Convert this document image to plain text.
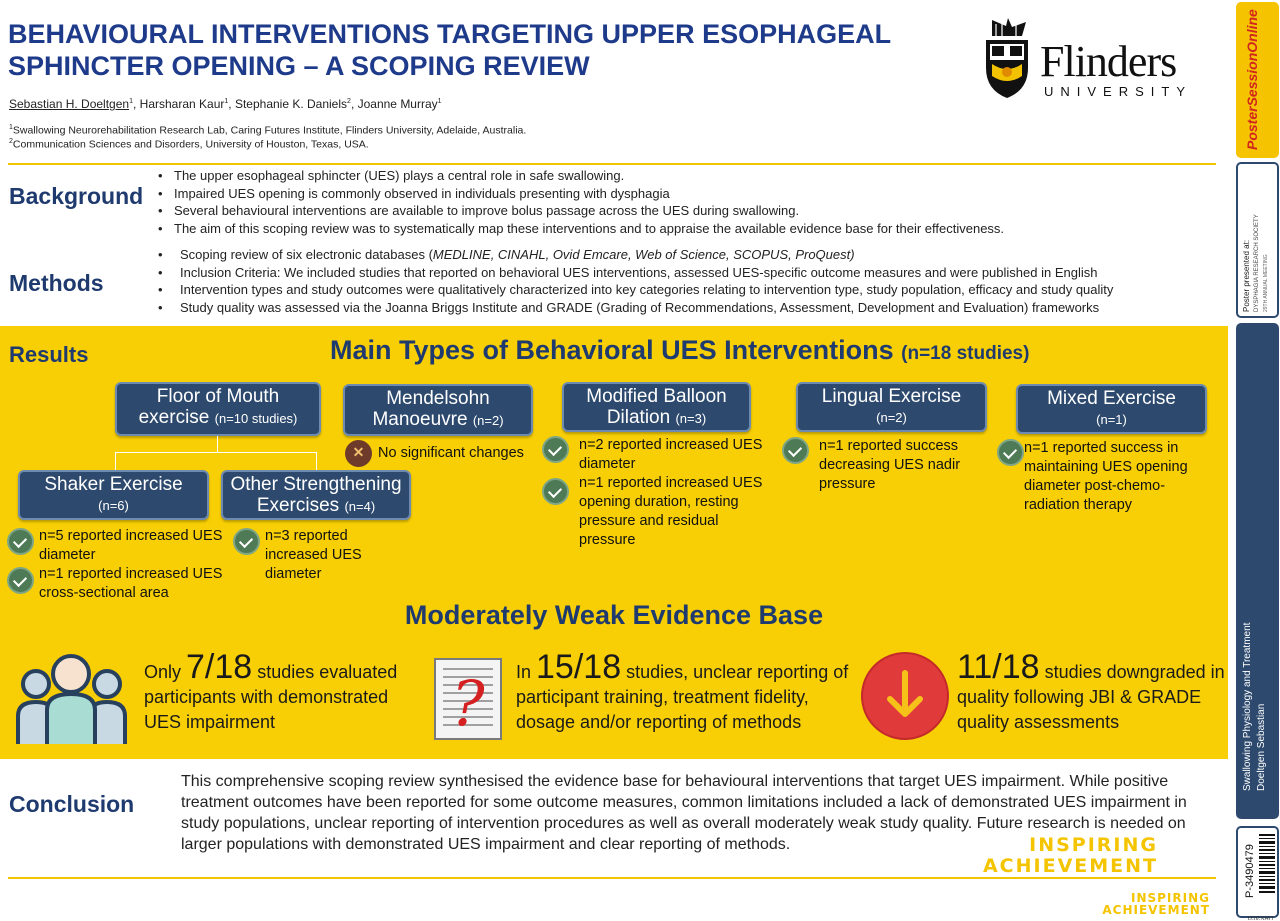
BEHAVIOURAL INTERVENTIONS TARGETING UPPER ESOPHAGEAL
SPHINCTER OPENING – A SCOPING REVIEW	Flinders
UNIVERSITY
Sebastian H. Doeltgen$^1$, Harsharan Kaur$^1$, Stephanie K. Daniels$^2$, Joanne Murray$^1$
$^1$Swallowing Neurorehabilitation Research Lab, Caring Futures Institute, Flinders University, Adelaide, Australia.
$^2$Communication Sciences and Disorders, University of Houston, Texas, USA.
Background
• The upper esophageal sphincter (UES) plays a central role in safe swallowing.
• Impaired UES opening is commonly observed in individuals presenting with dysphagia
• Several behavioural interventions are available to improve bolus passage across the UES during swallowing.
• The aim of this scoping review was to systematically map these interventions and to appraise the available evidence base for their effectiveness.
Methods
• Scoping review of six electronic databases (MEDLINE, CINAHL, Ovid Emcare, Web of Science, SCOPUS, ProQuest)
• Inclusion Criteria: We included studies that reported on behavioral UES interventions, assessed UES-specific outcome measures and were published in English
• Intervention types and study outcomes were qualitatively characterized into key categories relating to intervention type, study population, efficacy and study quality
• Study quality was assessed via the Joanna Briggs Institute and GRADE (Grading of Recommendations, Assessment, Development and Evaluation) frameworks
Results	Main Types of Behavioral UES Interventions (n=18 studies)
Floor of Mouth
exercise (n=10 studies)
Mendelsohn
Manoeuvre (n=2)
Modified Balloon
Dilation (n=3)
Lingual Exercise
(n=2)
Mixed Exercise
(n=1)
Shaker Exercise
(n=6)
Other Strengthening
Exercises (n=4)
✕
No significant changes	n=2 reported increased UES diameter
n=1 reported increased UES opening duration, resting pressure and residual pressure
n=1 reported success decreasing UES nadir pressure
n=1 reported success in maintaining UES opening diameter post-chemo-radiation therapy
n=5 reported increased UES diameter
n=1 reported increased UES cross-sectional area
n=3 reported increased UES diameter
Moderately Weak Evidence Base
?
Only 7/18 studies evaluated participants with demonstrated UES impairment
In 15/18 studies, unclear reporting of participant training, treatment fidelity, dosage and/or reporting of methods
11/18 studies downgraded in quality following JBI & GRADE quality assessments
Conclusion
This comprehensive scoping review synthesised the evidence base for behavioural interventions that target UES impairment. While positive treatment outcomes have been reported for some outcome measures, common limitations included a lack of demonstrated UES impairment in study populations, unclear reporting of intervention procedures as well as overall moderately weak study quality. Future research is needed on larger populations with demonstrated UES impairment and clear reporting of methods.	INSPIRING
ACHIEVEMENT
INSPIRING
ACHIEVEMENT
PosterSessionOnline
Poster presented at: DYSPHAGIA RESEARCH SOCIETY 29TH ANNUAL MEETING
Swallowing Physiology and Treatment Doeltgen Sebastian
P-3490479
DRS2021
